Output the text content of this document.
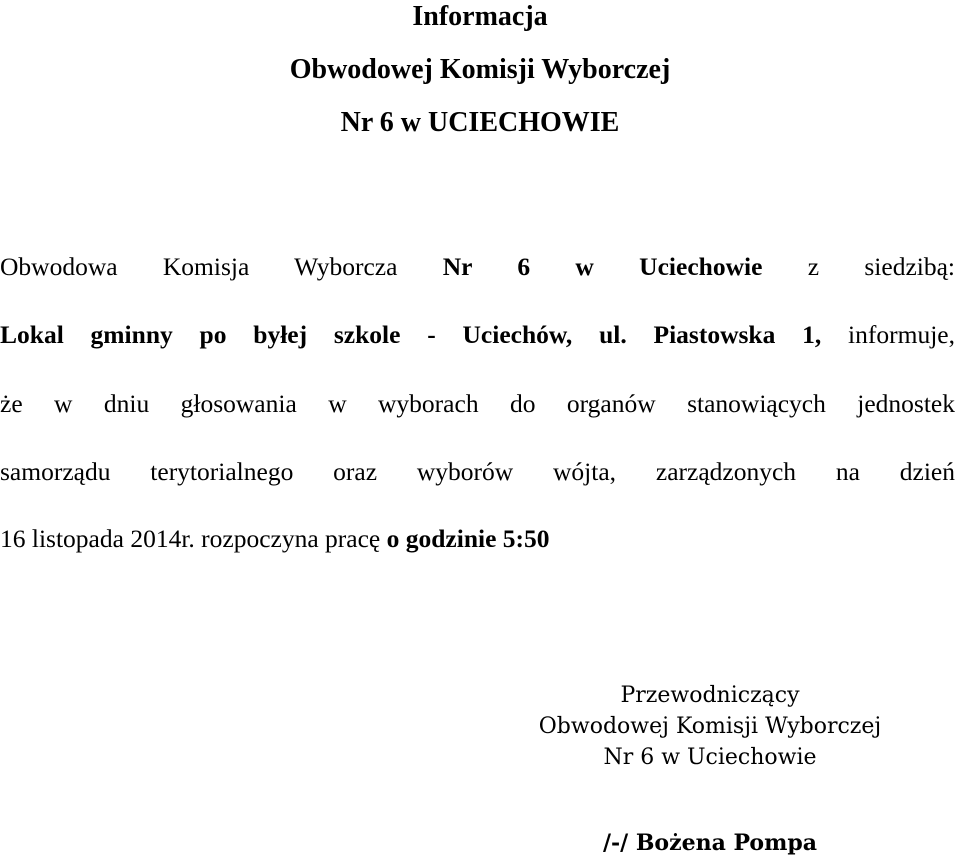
Informacja
Obwodowej Komisji Wyborczej
Nr 6 w UCIECHOWIE
Obwodowa Komisja Wyborcza Nr 6 w Uciechowie z siedzibą:
Lokal gminny po byłej szkole - Uciechów, ul. Piastowska 1, informuje,
że w dniu głosowania w wyborach do organów stanowiących jednostek
samorządu terytorialnego oraz wyborów wójta, zarządzonych na dzień
16 listopada 2014r. rozpoczyna pracę o godzinie 5:50
Przewodniczący
Obwodowej Komisji Wyborczej
Nr 6 w Uciechowie
/-/ Bożena Pompa
